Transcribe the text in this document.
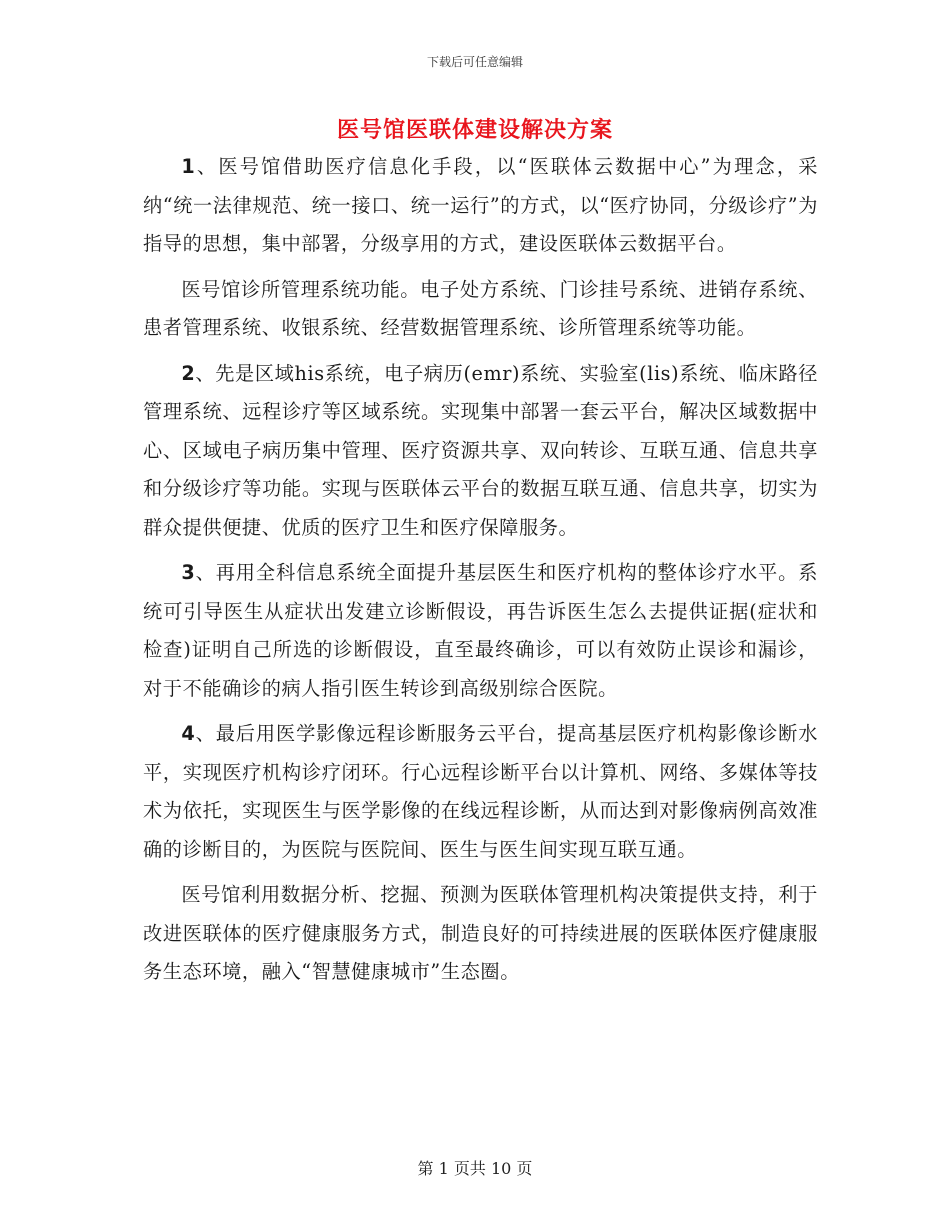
下载后可任意编辑
医号馆医联体建设解决方案

1、医号馆借助医疗信息化手段，以“医联体云数据中心”为理念，采纳“统一法律规范、统一接口、统一运行”的方式，以“医疗协同，分级诊疗”为指导的思想，集中部署，分级享用的方式，建设医联体云数据平台。

医号馆诊所管理系统功能。电子处方系统、门诊挂号系统、进销存系统、患者管理系统、收银系统、经营数据管理系统、诊所管理系统等功能。

2、先是区域his系统，电子病历(emr)系统、实验室(lis)系统、临床路径管理系统、远程诊疗等区域系统。实现集中部署一套云平台，解决区域数据中心、区域电子病历集中管理、医疗资源共享、双向转诊、互联互通、信息共享和分级诊疗等功能。实现与医联体云平台的数据互联互通、信息共享，切实为群众提供便捷、优质的医疗卫生和医疗保障服务。

3、再用全科信息系统全面提升基层医生和医疗机构的整体诊疗水平。系统可引导医生从症状出发建立诊断假设，再告诉医生怎么去提供证据(症状和检查)证明自己所选的诊断假设，直至最终确诊，可以有效防止误诊和漏诊，对于不能确诊的病人指引医生转诊到高级别综合医院。

4、最后用医学影像远程诊断服务云平台，提高基层医疗机构影像诊断水平，实现医疗机构诊疗闭环。行心远程诊断平台以计算机、网络、多媒体等技术为依托，实现医生与医学影像的在线远程诊断，从而达到对影像病例高效准确的诊断目的，为医院与医院间、医生与医生间实现互联互通。

医号馆利用数据分析、挖掘、预测为医联体管理机构决策提供支持，利于改进医联体的医疗健康服务方式，制造良好的可持续进展的医联体医疗健康服务生态环境，融入“智慧健康城市”生态圈。

第 1 页共 10 页
